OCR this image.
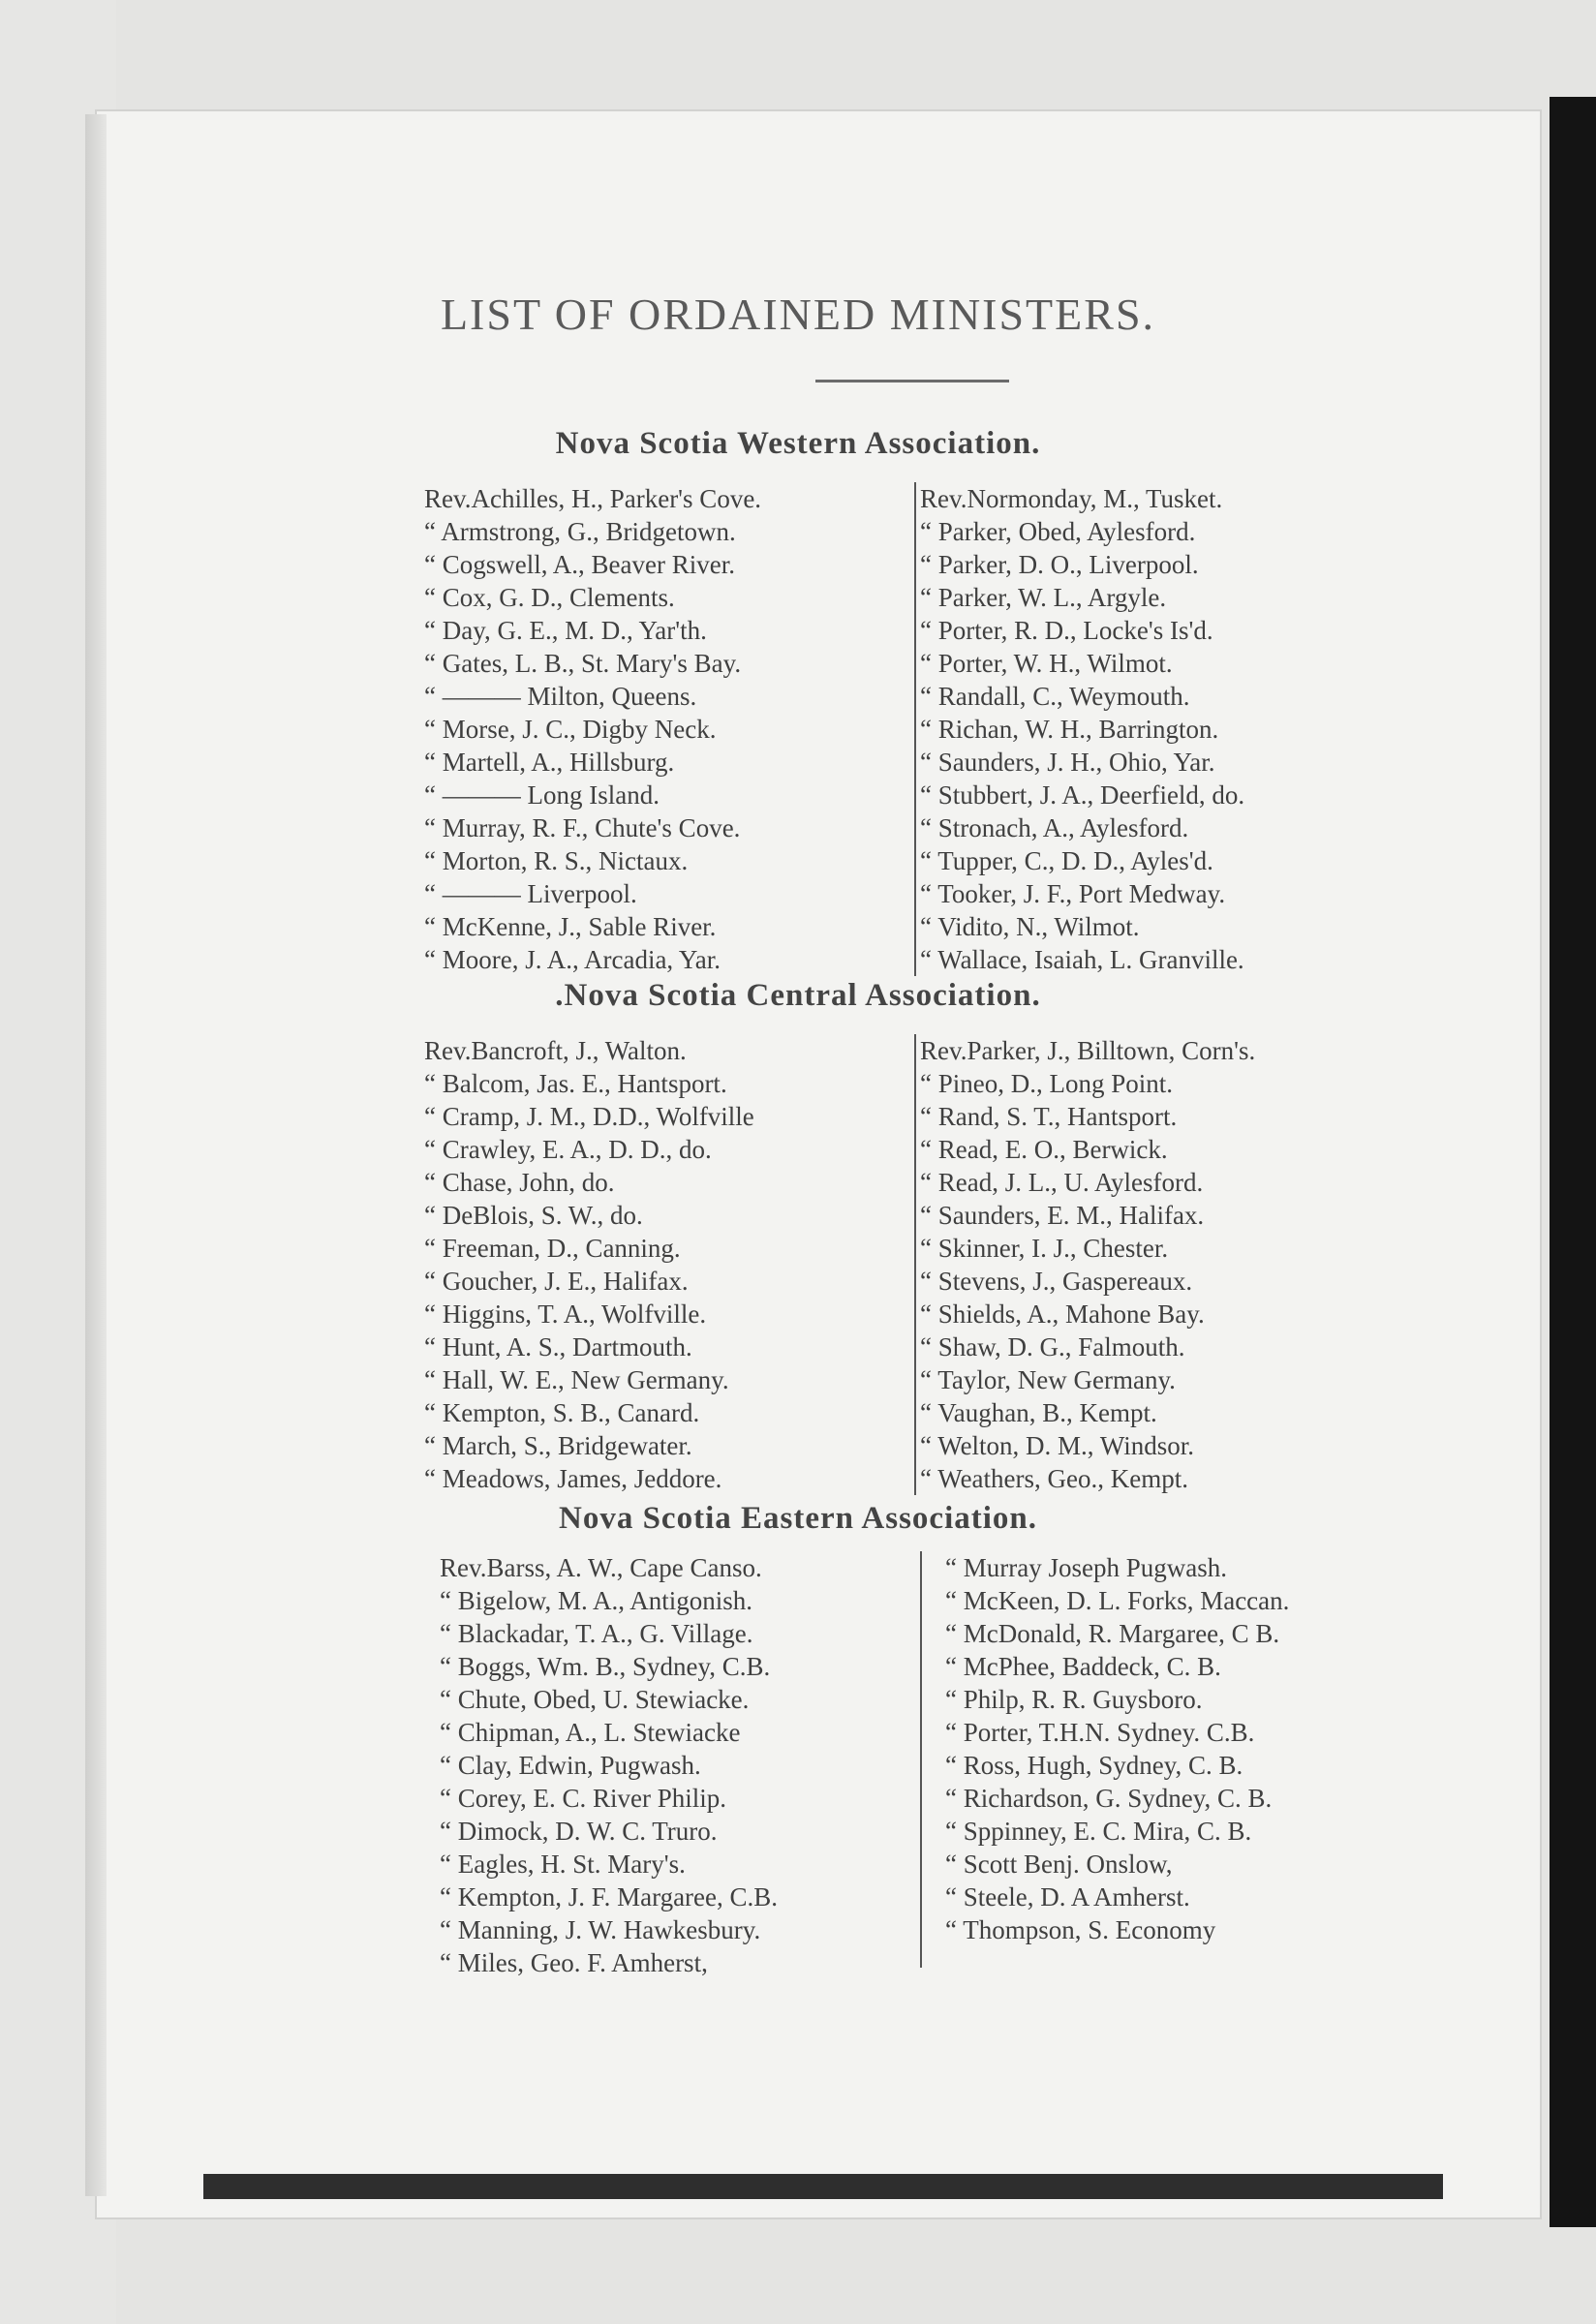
LIST OF ORDAINED MINISTERS.
Nova Scotia Western Association.
Rev.Achilles, H., Parker's Cove.
“ Armstrong, G., Bridgetown.
“ Cogswell, A., Beaver River.
“ Cox, G. D., Clements.
“ Day, G. E., M. D., Yar'th.
“ Gates, L. B., St. Mary's Bay.
“ ——— Milton, Queens.
“ Morse, J. C., Digby Neck.
“ Martell, A., Hillsburg.
“ ——— Long Island.
“ Murray, R. F., Chute's Cove.
“ Morton, R. S., Nictaux.
“ ——— Liverpool.
“ McKenne, J., Sable River.
“ Moore, J. A., Arcadia, Yar.
Rev.Normonday, M., Tusket.
“ Parker, Obed, Aylesford.
“ Parker, D. O., Liverpool.
“ Parker, W. L., Argyle.
“ Porter, R. D., Locke's Is'd.
“ Porter, W. H., Wilmot.
“ Randall, C., Weymouth.
“ Richan, W. H., Barrington.
“ Saunders, J. H., Ohio, Yar.
“ Stubbert, J. A., Deerfield, do.
“ Stronach, A., Aylesford.
“ Tupper, C., D. D., Ayles'd.
“ Tooker, J. F., Port Medway.
“ Vidito, N., Wilmot.
“ Wallace, Isaiah, L. Granville.
.Nova Scotia Central Association.
Rev.Bancroft, J., Walton.
“ Balcom, Jas. E., Hantsport.
“ Cramp, J. M., D.D., Wolfville
“ Crawley, E. A., D. D., do.
“ Chase, John, do.
“ DeBlois, S. W., do.
“ Freeman, D., Canning.
“ Goucher, J. E., Halifax.
“ Higgins, T. A., Wolfville.
“ Hunt, A. S., Dartmouth.
“ Hall, W. E., New Germany.
“ Kempton, S. B., Canard.
“ March, S., Bridgewater.
“ Meadows, James, Jeddore.
Rev.Parker, J., Billtown, Corn's.
“ Pineo, D., Long Point.
“ Rand, S. T., Hantsport.
“ Read, E. O., Berwick.
“ Read, J. L., U. Aylesford.
“ Saunders, E. M., Halifax.
“ Skinner, I. J., Chester.
“ Stevens, J., Gaspereaux.
“ Shields, A., Mahone Bay.
“ Shaw, D. G., Falmouth.
“ Taylor, New Germany.
“ Vaughan, B., Kempt.
“ Welton, D. M., Windsor.
“ Weathers, Geo., Kempt.
Nova Scotia Eastern Association.
Rev.Barss, A. W., Cape Canso.
“ Bigelow, M. A., Antigonish.
“ Blackadar, T. A., G. Village.
“ Boggs, Wm. B., Sydney, C.B.
“ Chute, Obed, U. Stewiacke.
“ Chipman, A., L. Stewiacke
“ Clay, Edwin, Pugwash.
“ Corey, E. C. River Philip.
“ Dimock, D. W. C. Truro.
“ Eagles, H. St. Mary's.
“ Kempton, J. F. Margaree, C.B.
“ Manning, J. W. Hawkesbury.
“ Miles, Geo. F. Amherst,
“ Murray Joseph Pugwash.
“ McKeen, D. L. Forks, Maccan.
“ McDonald, R. Margaree, C B.
“ McPhee, Baddeck, C. B.
“ Philp, R. R. Guysboro.
“ Porter, T.H.N. Sydney. C.B.
“ Ross, Hugh, Sydney, C. B.
“ Richardson, G. Sydney, C. B.
“ Sppinney, E. C. Mira, C. B.
“ Scott Benj. Onslow,
“ Steele, D. A Amherst.
“ Thompson, S. Economy
